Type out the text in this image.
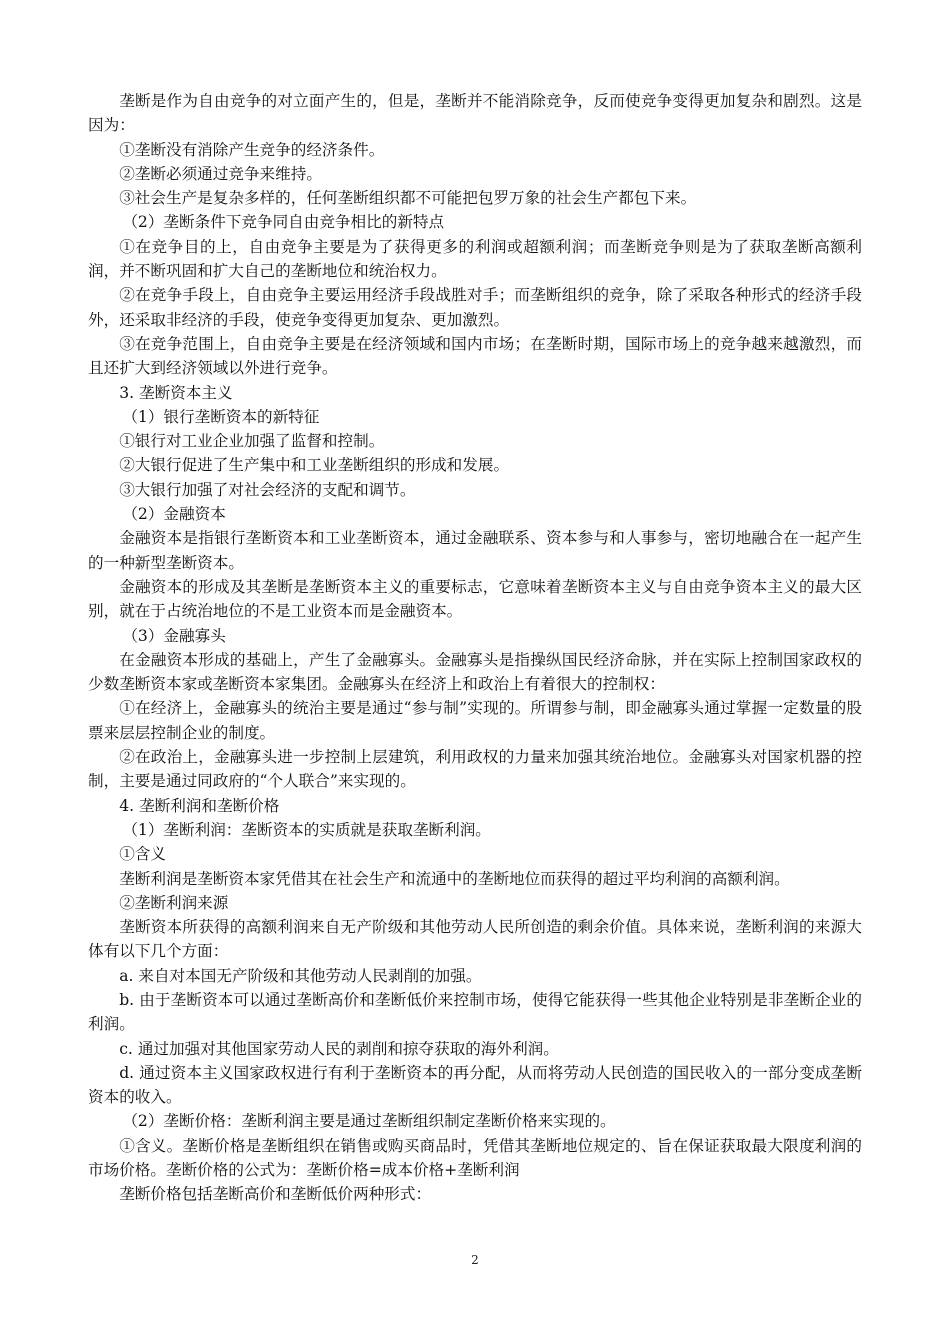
垄断是作为自由竞争的对立面产生的，但是，垄断并不能消除竞争，反而使竞争变得更加复杂和剧烈。这是因为：

①垄断没有消除产生竞争的经济条件。

②垄断必须通过竞争来维持。

③社会生产是复杂多样的，任何垄断组织都不可能把包罗万象的社会生产都包下来。

（2）垄断条件下竞争同自由竞争相比的新特点

①在竞争目的上，自由竞争主要是为了获得更多的利润或超额利润；而垄断竞争则是为了获取垄断高额利润，并不断巩固和扩大自己的垄断地位和统治权力。

②在竞争手段上，自由竞争主要运用经济手段战胜对手；而垄断组织的竞争，除了采取各种形式的经济手段外，还采取非经济的手段，使竞争变得更加复杂、更加激烈。

③在竞争范围上，自由竞争主要是在经济领域和国内市场；在垄断时期，国际市场上的竞争越来越激烈，而且还扩大到经济领域以外进行竞争。

3. 垄断资本主义

（1）银行垄断资本的新特征

①银行对工业企业加强了监督和控制。

②大银行促进了生产集中和工业垄断组织的形成和发展。

③大银行加强了对社会经济的支配和调节。

（2）金融资本

金融资本是指银行垄断资本和工业垄断资本，通过金融联系、资本参与和人事参与，密切地融合在一起产生的一种新型垄断资本。

金融资本的形成及其垄断是垄断资本主义的重要标志，它意味着垄断资本主义与自由竞争资本主义的最大区别，就在于占统治地位的不是工业资本而是金融资本。

（3）金融寡头

在金融资本形成的基础上，产生了金融寡头。金融寡头是指操纵国民经济命脉，并在实际上控制国家政权的少数垄断资本家或垄断资本家集团。金融寡头在经济上和政治上有着很大的控制权：

①在经济上，金融寡头的统治主要是通过“参与制”实现的。所谓参与制，即金融寡头通过掌握一定数量的股票来层层控制企业的制度。

②在政治上，金融寡头进一步控制上层建筑，利用政权的力量来加强其统治地位。金融寡头对国家机器的控制，主要是通过同政府的“个人联合”来实现的。

4. 垄断利润和垄断价格

（1）垄断利润：垄断资本的实质就是获取垄断利润。

①含义

垄断利润是垄断资本家凭借其在社会生产和流通中的垄断地位而获得的超过平均利润的高额利润。

②垄断利润来源

垄断资本所获得的高额利润来自无产阶级和其他劳动人民所创造的剩余价值。具体来说，垄断利润的来源大体有以下几个方面：

a. 来自对本国无产阶级和其他劳动人民剥削的加强。

b. 由于垄断资本可以通过垄断高价和垄断低价来控制市场，使得它能获得一些其他企业特别是非垄断企业的利润。

c. 通过加强对其他国家劳动人民的剥削和掠夺获取的海外利润。

d. 通过资本主义国家政权进行有利于垄断资本的再分配，从而将劳动人民创造的国民收入的一部分变成垄断资本的收入。

（2）垄断价格：垄断利润主要是通过垄断组织制定垄断价格来实现的。

①含义。垄断价格是垄断组织在销售或购买商品时，凭借其垄断地位规定的、旨在保证获取最大限度利润的市场价格。垄断价格的公式为：垄断价格=成本价格+垄断利润

垄断价格包括垄断高价和垄断低价两种形式：

2
